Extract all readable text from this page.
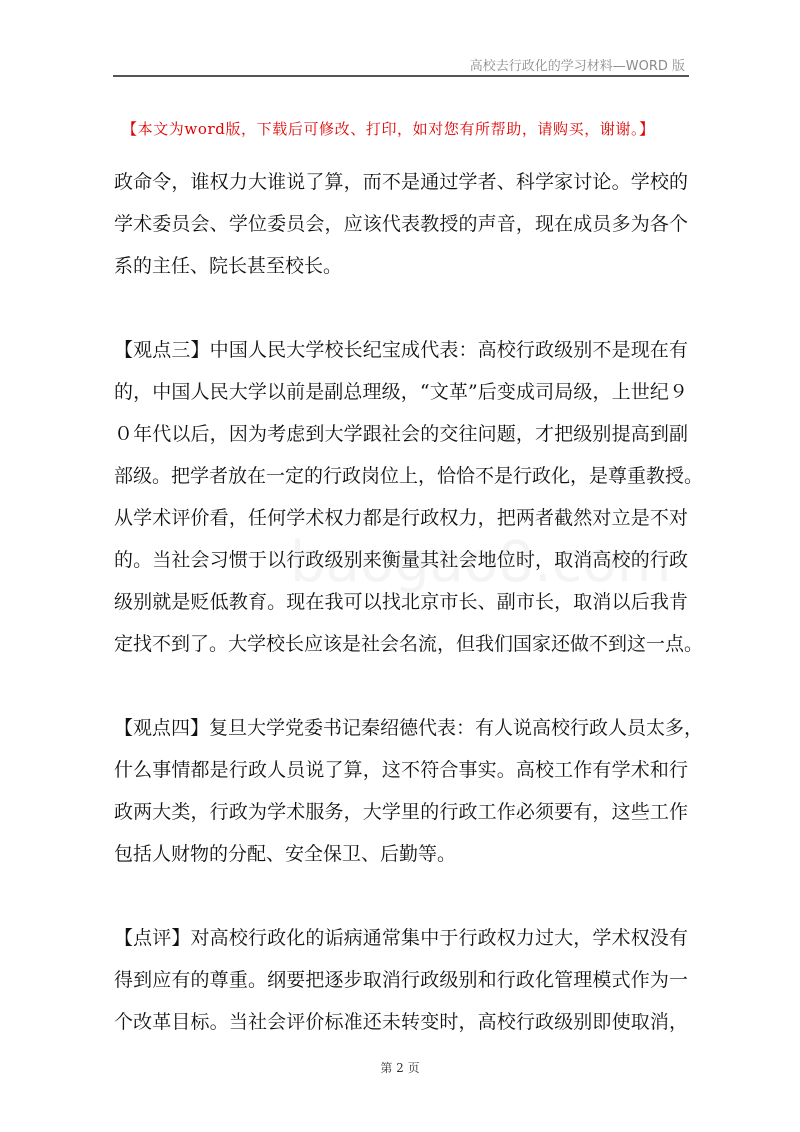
高校去行政化的学习材料—WORD 版
【本文为word版，下载后可修改、打印，如对您有所帮助，请购买，谢谢。】
政命令，谁权力大谁说了算，而不是通过学者、科学家讨论。学校的
学术委员会、学位委员会，应该代表教授的声音，现在成员多为各个
系的主任、院长甚至校长。
【观点三】中国人民大学校长纪宝成代表：高校行政级别不是现在有
的，中国人民大学以前是副总理级，“文革”后变成司局级，上世纪９
０年代以后，因为考虑到大学跟社会的交往问题，才把级别提高到副
部级。把学者放在一定的行政岗位上，恰恰不是行政化，是尊重教授。
从学术评价看，任何学术权力都是行政权力，把两者截然对立是不对
的。当社会习惯于以行政级别来衡量其社会地位时，取消高校的行政
级别就是贬低教育。现在我可以找北京市长、副市长，取消以后我肯
定找不到了。大学校长应该是社会名流，但我们国家还做不到这一点。
【观点四】复旦大学党委书记秦绍德代表：有人说高校行政人员太多，
什么事情都是行政人员说了算，这不符合事实。高校工作有学术和行
政两大类，行政为学术服务，大学里的行政工作必须要有，这些工作
包括人财物的分配、安全保卫、后勤等。
【点评】对高校行政化的诟病通常集中于行政权力过大，学术权没有
得到应有的尊重。纲要把逐步取消行政级别和行政化管理模式作为一
个改革目标。当社会评价标准还未转变时，高校行政级别即使取消，
第 2 页
